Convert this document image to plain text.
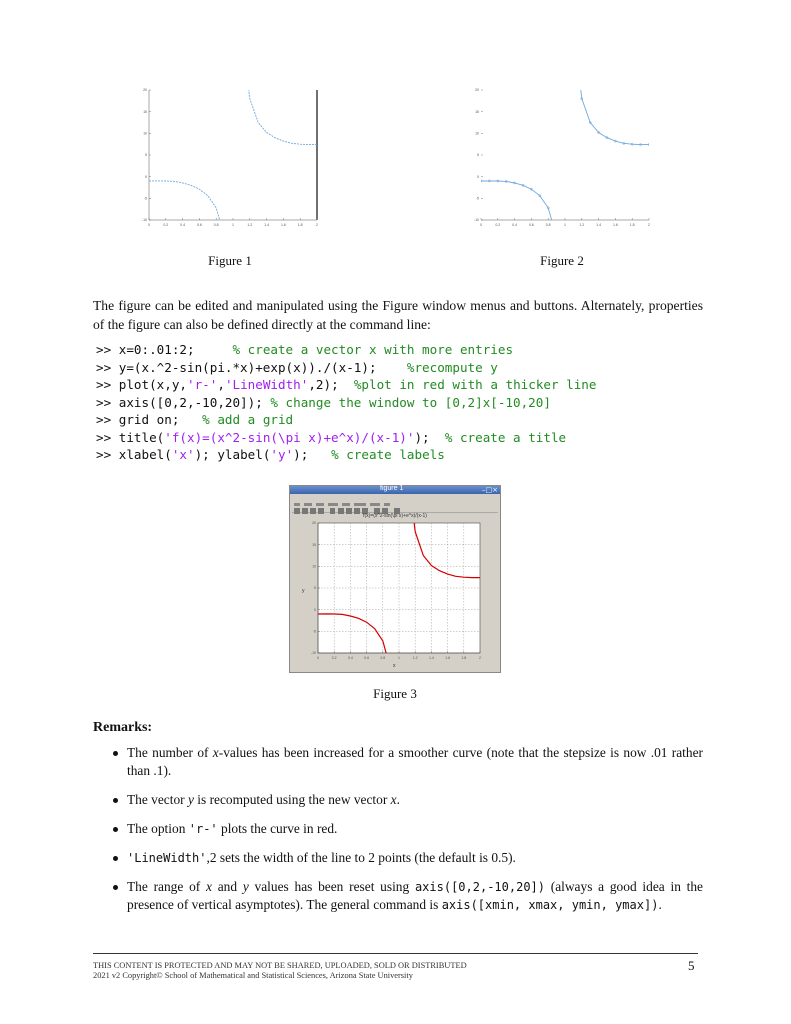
0	0.2	0.4	0.6	0.8	1	1.2	1.4	1.6	1.8	2
-10
-5
0
5
10
15
20
Figure 1
0	0.2	0.4	0.6	0.8	1	1.2	1.4	1.6	1.8	2
-10
-5
0
5
10
15
20
Figure 2
The figure can be edited and manipulated using the Figure window menus and buttons. Alternately, properties of the figure can also be defined directly at the command line:
>> x=0:.01:2;     % create a vector x with more entries
>> y=(x.^2-sin(pi.*x)+exp(x))./(x-1);    %recompute y
>> plot(x,y,'r-','LineWidth',2);  %plot in red with a thicker line
>> axis([0,2,-10,20]); % change the window to [0,2]x[-10,20]
>> grid on;   % add a grid
>> title('f(x)=(x^2-sin(\pi x)+e^x)/(x-1)');  % create a title
>> xlabel('x'); ylabel('y');   % create labels
figure 1	–□×
f(x)=(x^2-sin(\pi x)+e^x)/(x-1)
y
x
0	0.2	0.4	0.6	0.8	1	1.2	1.4	1.6	1.8	2
-10
-5
0
5
10
15
20
Figure 3
Remarks:
The number of x-values has been increased for a smoother curve (note that the stepsize is now .01 rather than .1).
The vector y is recomputed using the new vector x.
The option 'r-' plots the curve in red.
'LineWidth',2 sets the width of the line to 2 points (the default is 0.5).
The range of x and y values has been reset using axis([0,2,-10,20]) (always a good idea in the presence of vertical asymptotes). The general command is axis([xmin, xmax, ymin, ymax]).
THIS CONTENT IS PROTECTED AND MAY NOT BE SHARED, UPLOADED, SOLD OR DISTRIBUTED
2021 v2 Copyright© School of Mathematical and Statistical Sciences, Arizona State University
5
